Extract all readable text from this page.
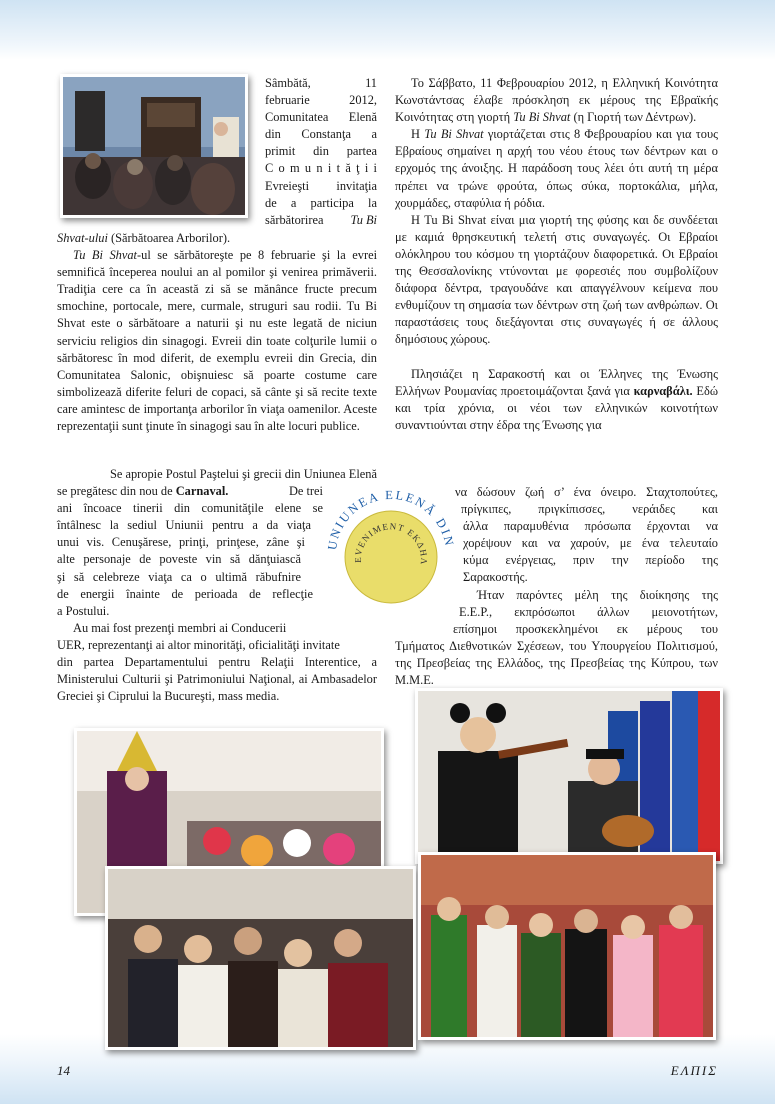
Sâmbătă, 11
februarie 2012,
Comunitatea Elenă
din Constanţa a
primit din partea
C o m u n i t ă ţ i i
Evreieşti invitaţia
de a participa la
sărbătorirea Tu Bi

Shvat-ului (Sărbătoarea Arborilor).

Tu Bi Shvat-ul se sărbătoreşte pe 8 februarie şi la evrei semnifică începerea noului an al pomilor şi venirea primăverii. Tradiţia cere ca în această zi să se mănânce fructe precum smochine, portocale, mere, curmale, struguri sau rodii. Tu Bi Shvat este o sărbătoare a naturii şi nu este legată de niciun serviciu religios din sinagogi. Evreii din toate colţurile lumii o sărbătoresc în mod diferit, de exemplu evreii din Grecia, din Comunitatea Salonic, obişnuiesc să poarte costume care simbolizează diferite feluri de copaci, să cânte şi să recite texte care amintesc de importanţa arborilor în viaţa oamenilor. Aceste reprezentaţii sunt ţinute în sinagogi sau în alte locuri publice.

Se apropie Postul Paştelui şi grecii din Uniunea Elenă
se pregătesc din nou de Carnaval.	De trei
ani încoace tinerii din comunităţile elene se
întâlnesc la sediul Uniunii pentru a da viaţa
unui vis. Cenuşărese, prinţi, prinţese, zâne şi
alte personaje de poveste vin să dănţuiască
şi să celebreze viaţa ca o ultimă răbufnire
de energii înainte de perioada de reflecţie
a Postului.
Au mai fost prezenţi membri ai Conducerii
UER, reprezentanţi ai altor minorităţi, oficialităţi invitate

din partea Departamentului pentru Relaţii Interentice, a Ministerului Culturii şi Patrimoniului Naţional, ai Ambasadelor Greciei şi Ciprului la Bucureşti, mass media.

Το Σάββατο, 11 Φεβρουαρίου 2012, η Ελληνική Κοινότητα Κωνστάντσας έλαβε πρόσκληση εκ μέρους της Εβραϊκής Κοινότητας στη γιορτή Tu Bi Shvat (η Γιορτή των Δέντρων).

Η Tu Bi Shvat γιορτάζεται στις 8 Φεβρουαρίου και για τους Εβραίους σημαίνει η αρχή του νέου έτους των δέντρων και ο ερχομός της άνοιξης. Η παράδοση τους λέει ότι αυτή τη μέρα πρέπει να τρώνε φρούτα, όπως σύκα, πορτοκάλια, μήλα, χουρμάδες, σταφύλια ή ρόδια.

Η Tu Bi Shvat είναι μια γιορτή της φύσης και δε συνδέεται με καμιά θρησκευτική τελετή στις συναγωγές. Οι Εβραίοι ολόκληρου του κόσμου τη γιορτάζουν διαφορετικά. Οι Εβραίοι της Θεσσαλονίκης ντύνονται με φορεσιές που συμβολίζουν διάφορα δέντρα, τραγουδάνε και απαγγέλνουν κείμενα που ενθυμίζουν τη σημασία των δέντρων στη ζωή των ανθρώπων. Οι παραστάσεις τους διεξάγονται στις συναγωγές ή σε άλλους δημόσιους χώρους.

Πλησιάζει η Σαρακοστή και οι Έλληνες της Ένωσης Ελλήνων Ρουμανίας προετοιμάζονται ξανά για καρναβάλι. Εδώ και τρία χρόνια, οι νέοι των ελληνικών κοινοτήτων συναντιούνται στην έδρα της Ένωσης για

να δώσουν ζωή σ’ ένα όνειρο. Σταχτοπούτες,
πρίγκιπες, πριγκίπισσες, νεράιδες και
άλλα παραμυθένια πρόσωπα έρχονται να
χορέψουν και να χαρούν, με ένα τελευταίο
κύμα ενέργειας, πριν την περίοδο της
Σαρακοστής.
Ήταν παρόντες μέλη της διοίκησης της
Ε.Ε.Ρ., εκπρόσωποι άλλων μειονοτήτων,
επίσημοι προσκεκλημένοι εκ μέρους του

Τμήματος Διεθνοτικών Σχέσεων, του Υπουργείου Πολιτισμού, της Πρεσβείας της Ελλάδος, της Πρεσβείας της Κύπρου, των Μ.Μ.Ε.

UNIUNEA ELENĂ DIN
EVENIMENT ΕΚΔΗΛ
14	ΕΛΠΙΣ
